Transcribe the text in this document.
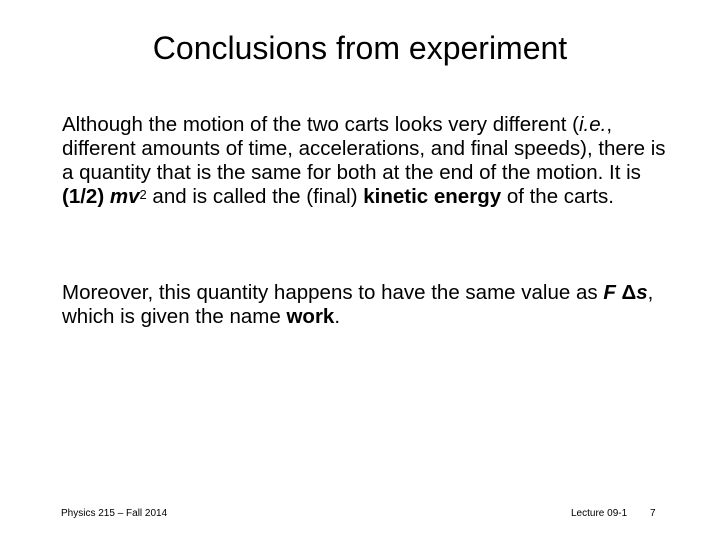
Conclusions from experiment

Although the motion of the two carts looks very different (i.e., different amounts of time, accelerations, and final speeds), there is a quantity that is the same for both at the end of the motion. It is (1/2) $mv^2$ and is called the (final) kinetic energy of the carts.

Moreover, this quantity happens to have the same value as F Δs, which is given the name work.

Physics 215 – Fall 2014	Lecture 09-1 7
